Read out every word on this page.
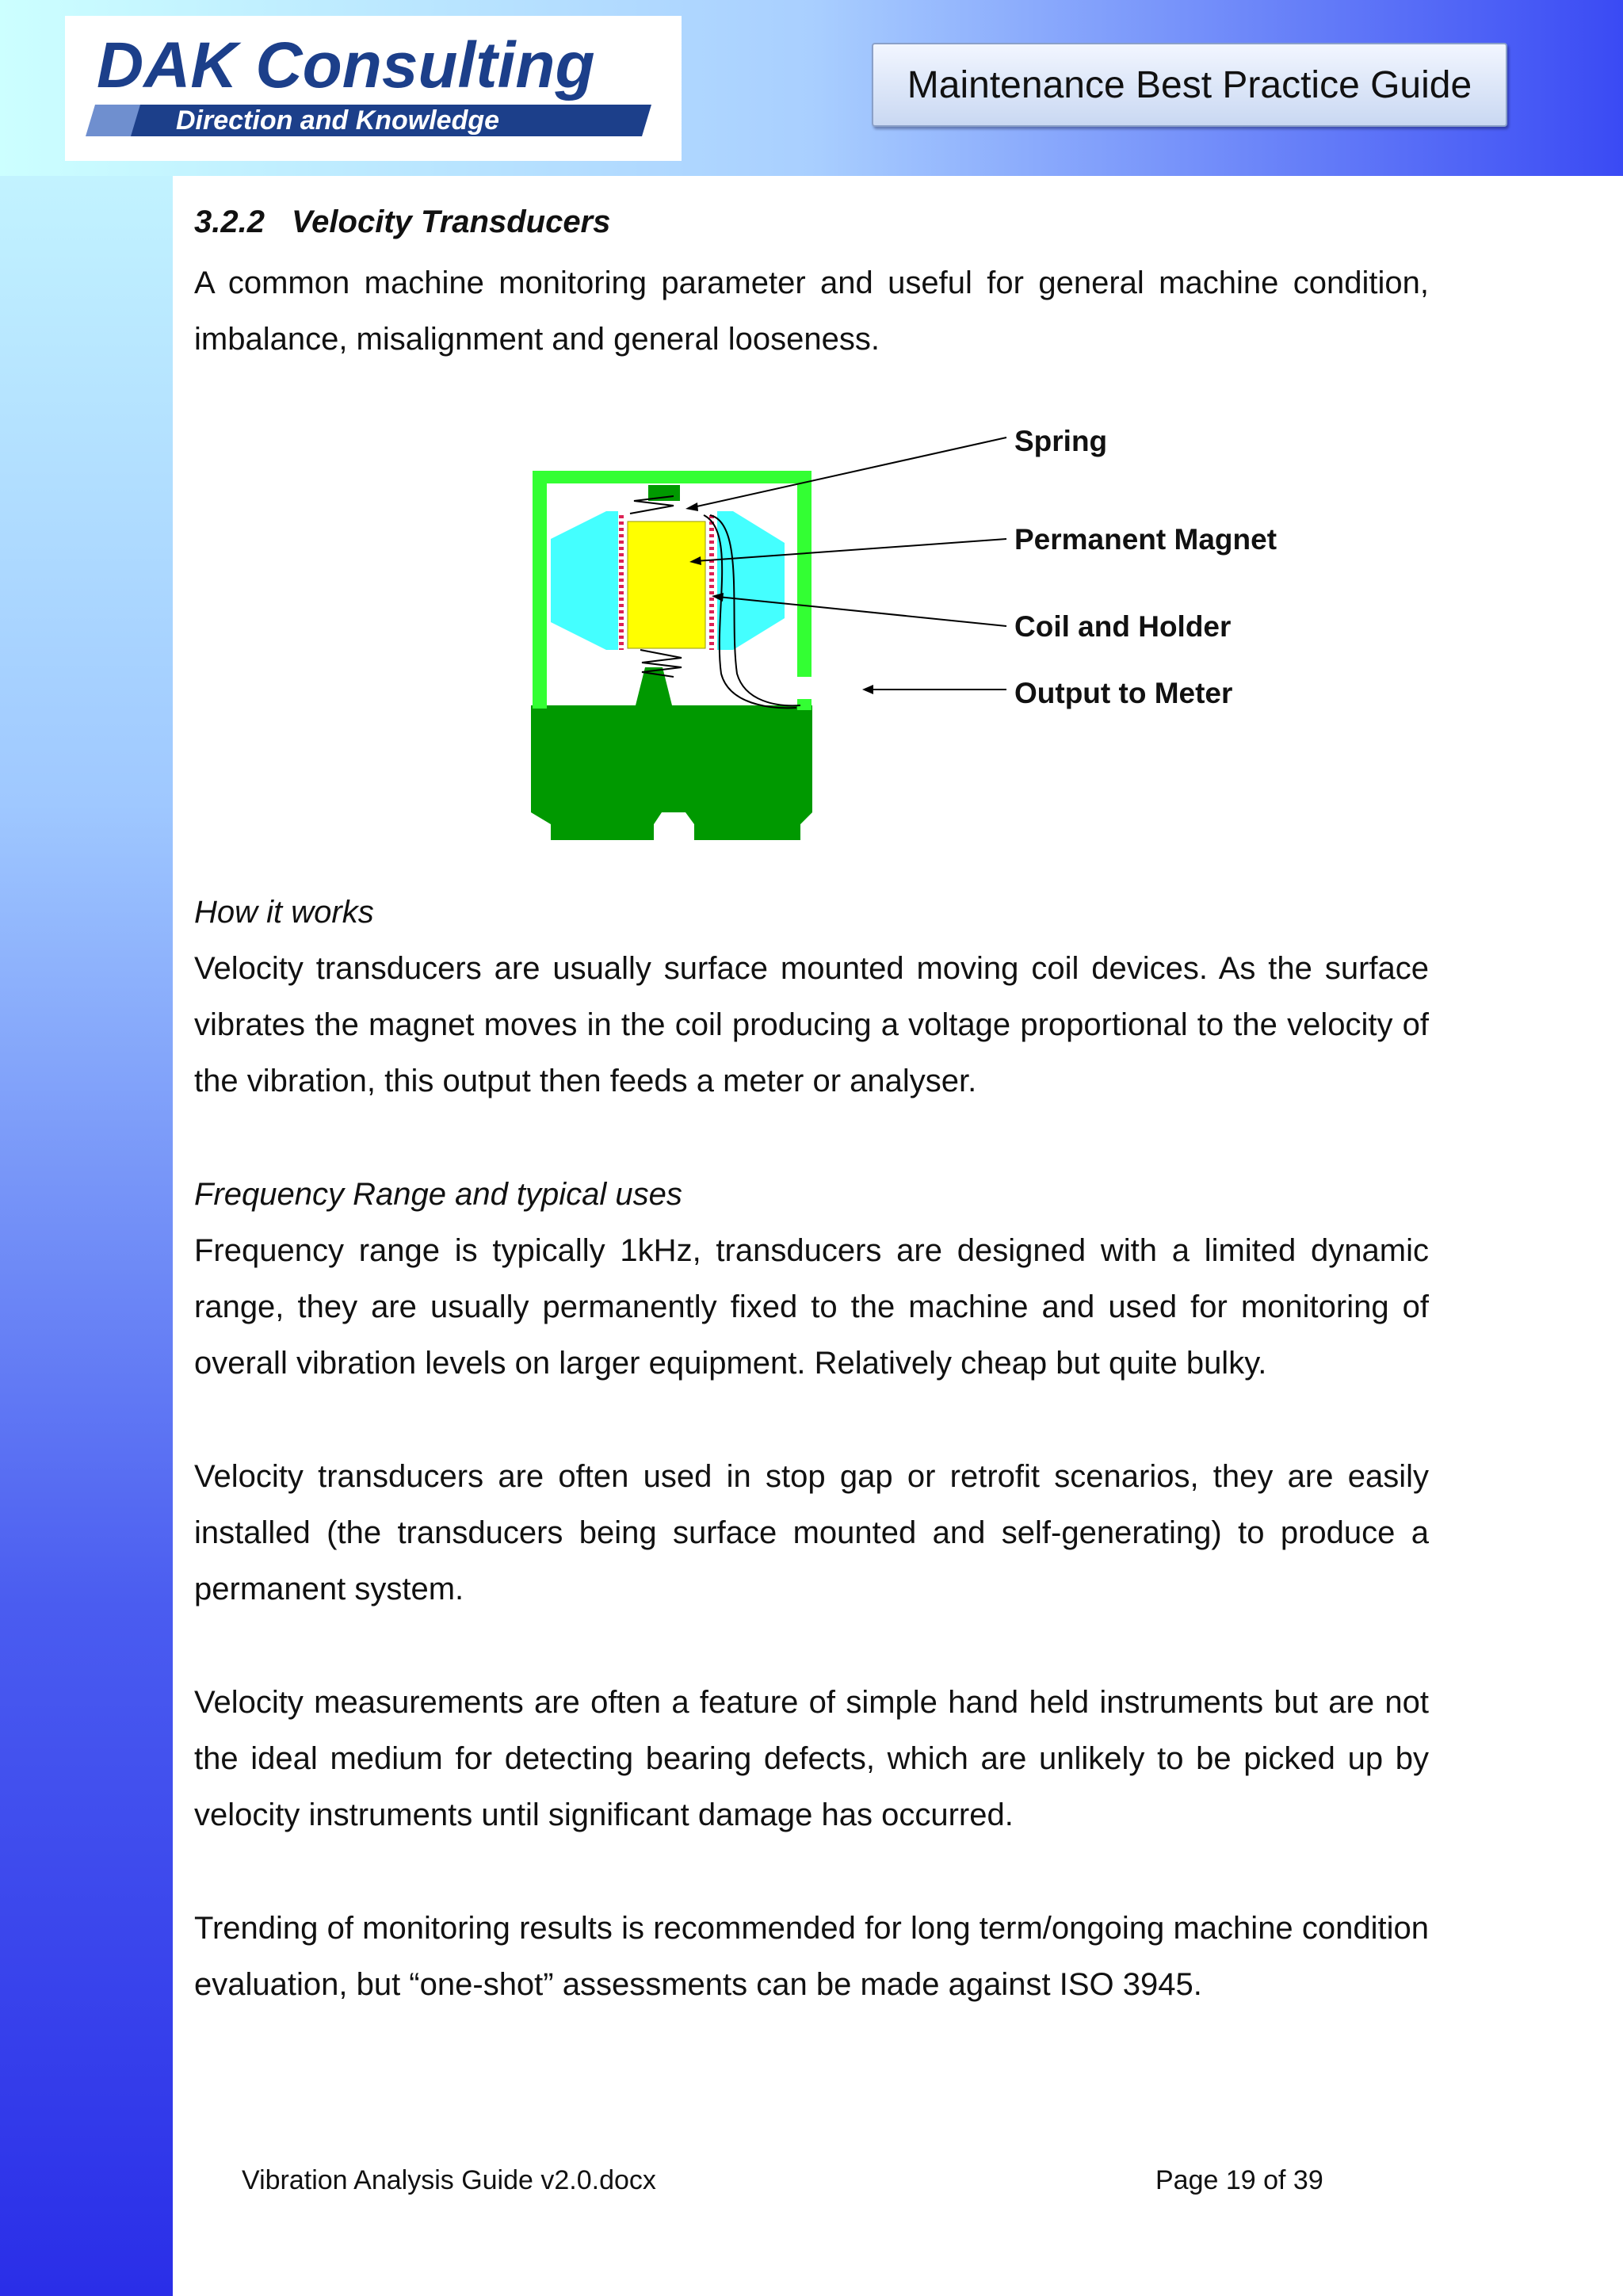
DAK Consulting
Direction and Knowledge
Maintenance Best Practice Guide
3.2.2 Velocity Transducers
A common machine monitoring parameter and useful for general machine condition, imbalance, misalignment and general looseness.
Spring
Permanent Magnet
Coil and Holder
Output to Meter
How it works
Velocity transducers are usually surface mounted moving coil devices. As the surface vibrates the magnet moves in the coil producing a voltage proportional to the velocity of the vibration, this output then feeds a meter or analyser.
Frequency Range and typical uses
Frequency range is typically 1kHz, transducers are designed with a limited dynamic range, they are usually permanently fixed to the machine and used for monitoring of overall vibration levels on larger equipment. Relatively cheap but quite bulky.
Velocity transducers are often used in stop gap or retrofit scenarios, they are easily installed (the transducers being surface mounted and self-generating) to produce a permanent system.
Velocity measurements are often a feature of simple hand held instruments but are not the ideal medium for detecting bearing defects, which are unlikely to be picked up by velocity instruments until significant damage has occurred.
Trending of monitoring results is recommended for long term/ongoing machine condition evaluation, but “one-shot” assessments can be made against ISO 3945.
Vibration Analysis Guide v2.0.docx	Page 19 of 39
